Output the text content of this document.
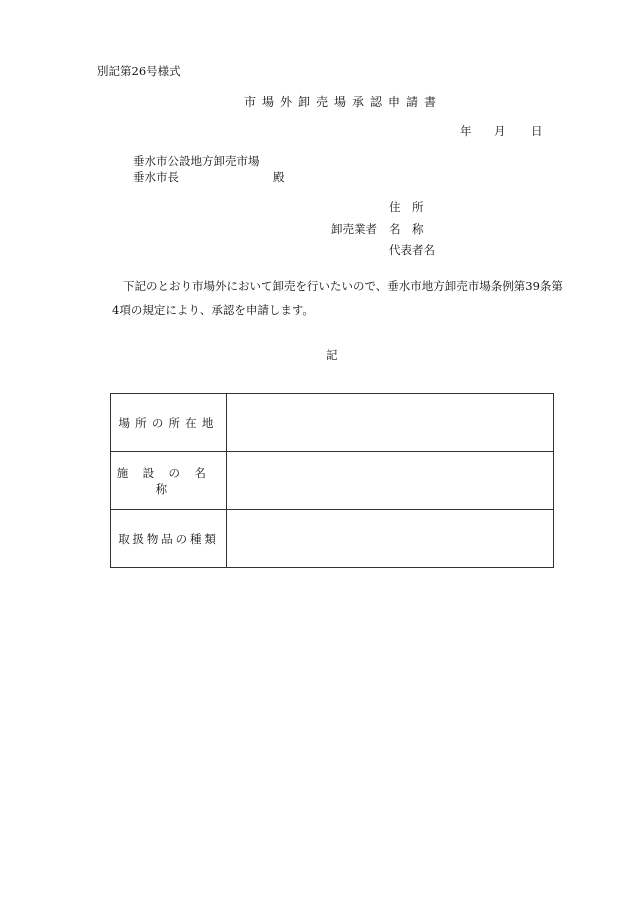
別記第26号様式
市場外卸売場承認申請書
年 月 日
垂水市公設地方卸売市場
垂水市長	殿
住　所
卸売業者 名　称
代表者名
下記のとおり市場外において卸売を行いたいので、垂水市地方卸売市場条例第39条第
4項の規定により、承認を申請します。
記
場所の所在地	
施設の名称	
取扱物品の種類	
